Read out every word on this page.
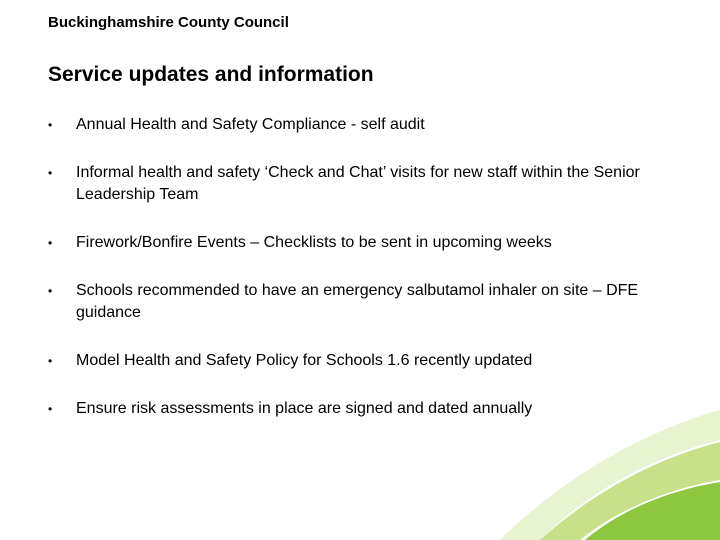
Buckinghamshire County Council
Service updates and information
•	Annual Health and Safety Compliance - self audit
•	Informal health and safety ‘Check and Chat’ visits for new staff within the Senior Leadership Team
•	Firework/Bonfire Events – Checklists to be sent in upcoming weeks
•	Schools recommended to have an emergency salbutamol inhaler on site – DFE guidance
•	Model Health and Safety Policy for Schools 1.6 recently updated
•	Ensure risk assessments in place are signed and dated annually
